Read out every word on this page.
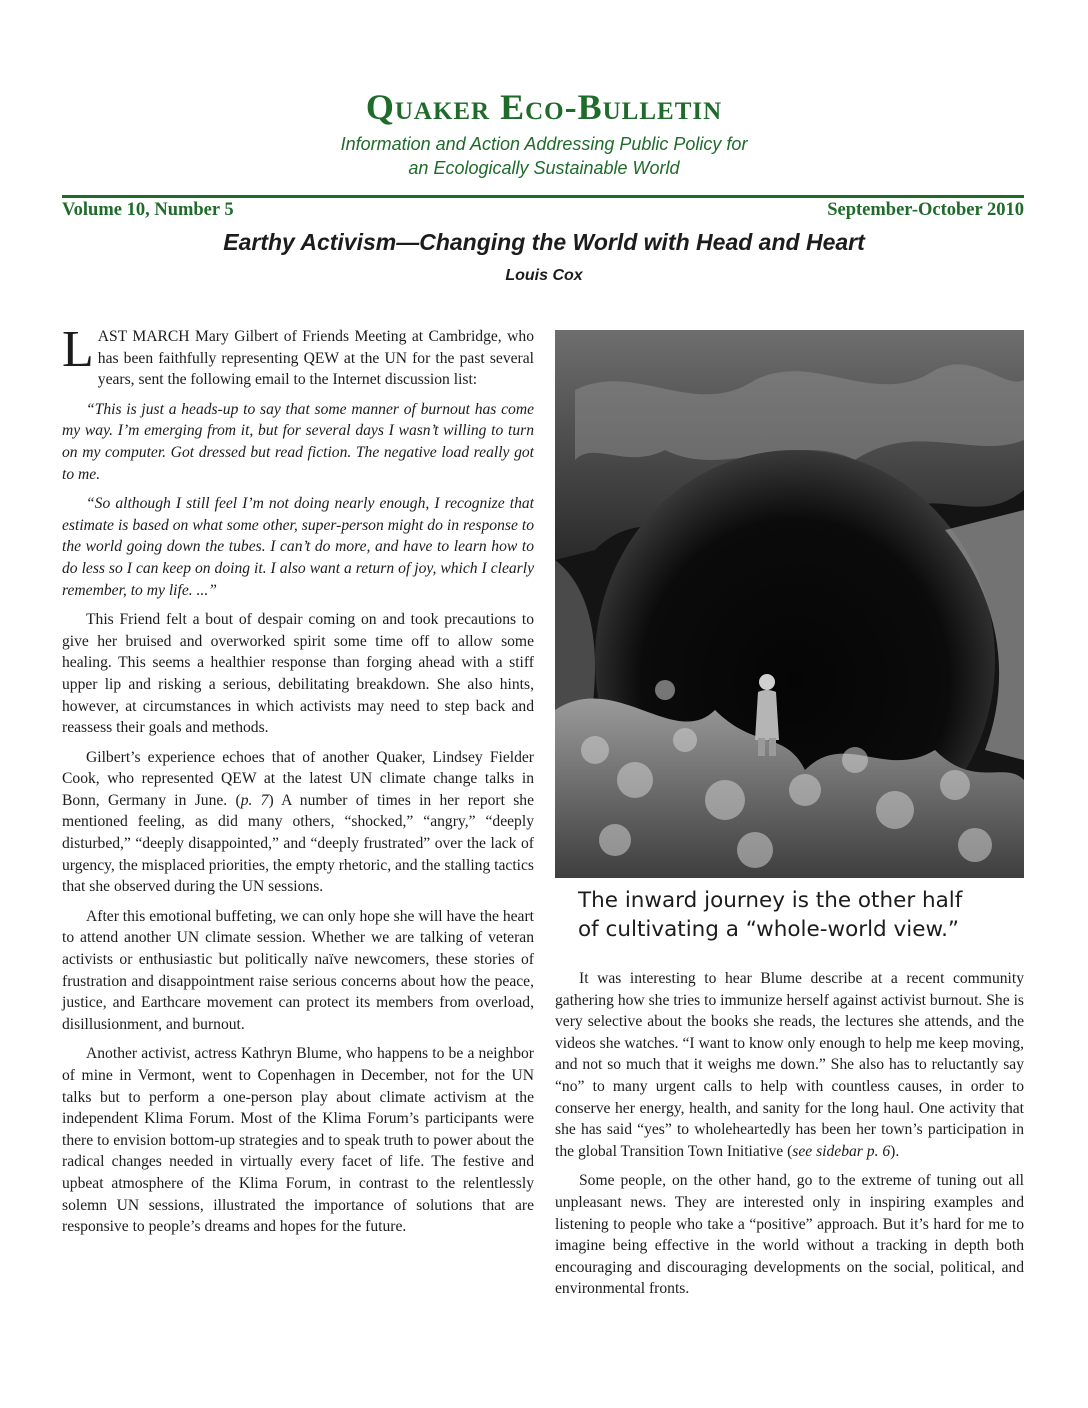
Quaker Eco-Bulletin
Information and Action Addressing Public Policy for
an Ecologically Sustainable World
Volume 10, Number 5	September-October 2010
Earthy Activism—Changing the World with Head and Heart
Louis Cox

LAST MARCH Mary Gilbert of Friends Meeting at Cambridge, who has been faithfully representing QEW at the UN for the past several years, sent the following email to the Internet discussion list:

“This is just a heads-up to say that some manner of burnout has come my way. I’m emerging from it, but for several days I wasn’t willing to turn on my computer. Got dressed but read fiction. The negative load really got to me.

“So although I still feel I’m not doing nearly enough, I recognize that estimate is based on what some other, super-person might do in response to the world going down the tubes. I can’t do more, and have to learn how to do less so I can keep on doing it. I also want a return of joy, which I clearly remember, to my life. ...”

This Friend felt a bout of despair coming on and took precautions to give her bruised and overworked spirit some time off to allow some healing. This seems a healthier response than forging ahead with a stiff upper lip and risking a serious, debilitating breakdown. She also hints, however, at circumstances in which activists may need to step back and reassess their goals and methods.

Gilbert’s experience echoes that of another Quaker, Lindsey Fielder Cook, who represented QEW at the latest UN climate change talks in Bonn, Germany in June. (p. 7) A number of times in her report she mentioned feeling, as did many others, “shocked,” “angry,” “deeply disturbed,” “deeply disappointed,” and “deeply frustrated” over the lack of urgency, the misplaced priorities, the empty rhetoric, and the stalling tactics that she observed during the UN sessions.

After this emotional buffeting, we can only hope she will have the heart to attend another UN climate session. Whether we are talking of veteran activists or enthusiastic but politically naïve newcomers, these stories of frustration and disappointment raise serious concerns about how the peace, justice, and Earthcare movement can protect its members from overload, disillusionment, and burnout.

Another activist, actress Kathryn Blume, who happens to be a neighbor of mine in Vermont, went to Copenhagen in December, not for the UN talks but to perform a one-person play about climate activism at the independent Klima Forum. Most of the Klima Forum’s participants were there to envision bottom-up strategies and to speak truth to power about the radical changes needed in virtually every facet of life. The festive and upbeat atmosphere of the Klima Forum, in contrast to the relentlessly solemn UN sessions, illustrated the importance of solutions that are responsive to people’s dreams and hopes for the future.

The inward journey is the other half
of cultivating a “whole-world view.”

It was interesting to hear Blume describe at a recent community gathering how she tries to immunize herself against activist burnout. She is very selective about the books she reads, the lectures she attends, and the videos she watches. “I want to know only enough to help me keep moving, and not so much that it weighs me down.” She also has to reluctantly say “no” to many urgent calls to help with countless causes, in order to conserve her energy, health, and sanity for the long haul. One activity that she has said “yes” to wholeheartedly has been her town’s participation in the global Transition Town Initiative (see sidebar p. 6).

Some people, on the other hand, go to the extreme of tuning out all unpleasant news. They are interested only in inspiring examples and listening to people who take a “positive” approach. But it’s hard for me to imagine being effective in the world without a tracking in depth both encouraging and discouraging developments on the social, political, and environmental fronts.
